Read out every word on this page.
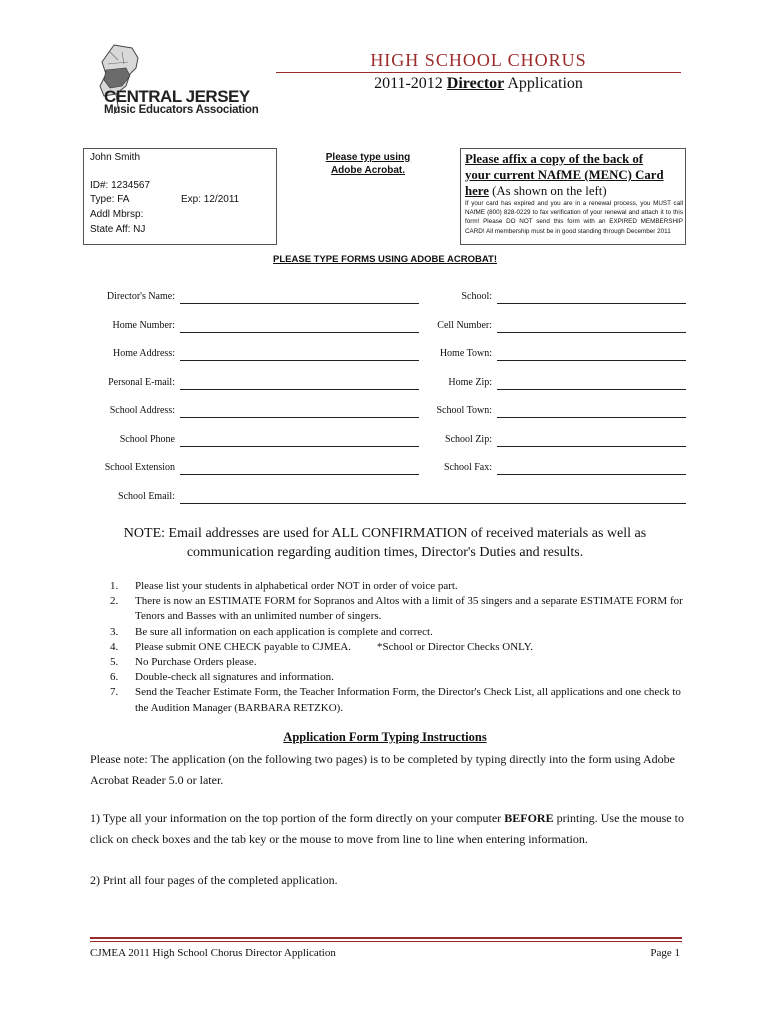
CENTRAL JERSEY
Music Educators Association
HIGH SCHOOL CHORUS
2011-2012 Director Application
John Smith
ID#: 1234567
Type: FA	Exp: 12/2011
Addl Mbrsp:
State Aff: NJ
Please type using
Adobe Acrobat.
Please affix a copy of the back of
your current NAfME (MENC) Card
here (As shown on the left)
If your card has expired and you are in a renewal process, you MUST call NAfME (800) 828-0229 to fax verification of your renewal and attach it to this form! Please DO NOT send this form with an EXPIRED MEMBERSHIP CARD! All membership must be in good standing through December 2011
PLEASE TYPE FORMS USING ADOBE ACROBAT!
Director's Name:
Home Number:
Home Address:
Personal E-mail:
School Address:
School Phone
School Extension
School Email:
School:
Cell Number:
Home Town:
Home Zip:
School Town:
School Zip:
School Fax:
NOTE: Email addresses are used for ALL CONFIRMATION of received materials as well as
communication regarding audition times, Director's Duties and results.
1. Please list your students in alphabetical order NOT in order of voice part.
2. There is now an ESTIMATE FORM for Sopranos and Altos with a limit of 35 singers and a separate ESTIMATE FORM for Tenors and Basses with an unlimited number of singers.
3. Be sure all information on each application is complete and correct.
4. Please submit ONE CHECK payable to CJMEA. *School or Director Checks ONLY.
5. No Purchase Orders please.
6. Double-check all signatures and information.
7. Send the Teacher Estimate Form, the Teacher Information Form, the Director's Check List, all applications and one check to the Audition Manager (BARBARA RETZKO).
Application Form Typing Instructions
Please note: The application (on the following two pages) is to be completed by typing directly into the form using Adobe Acrobat Reader 5.0 or later.
1) Type all your information on the top portion of the form directly on your computer BEFORE printing. Use the mouse to click on check boxes and the tab key or the mouse to move from line to line when entering information.
2) Print all four pages of the completed application.
CJMEA 2011 High School Chorus Director Application	Page 1
